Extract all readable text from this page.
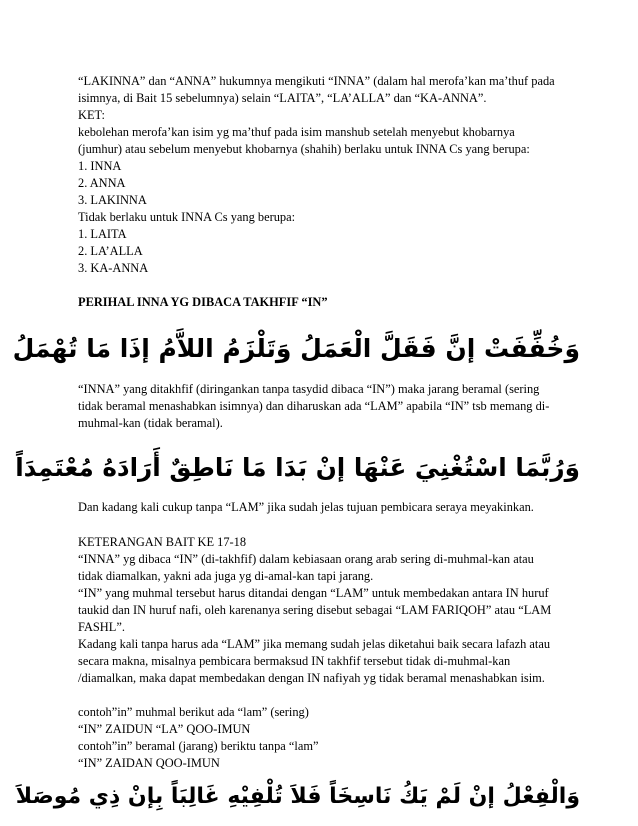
“LAKINNA” dan “ANNA” hukumnya mengikuti “INNA” (dalam hal merofa’kan ma’thuf pada
isimnya, di Bait 15 sebelumnya) selain “LAITA”, “LA’ALLA” dan “KA-ANNA”.
KET:
kebolehan merofa’kan isim yg ma’thuf pada isim manshub setelah menyebut khobarnya
(jumhur) atau sebelum menyebut khobarnya (shahih) berlaku untuk INNA Cs yang berupa:
1. INNA
2. ANNA
3. LAKINNA
Tidak berlaku untuk INNA Cs yang berupa:
1. LAITA
2. LA’ALLA
3. KA-ANNA
PERIHAL INNA YG DIBACA TAKHFIF “IN”
وَخُفِّفَتْ إنَّ فَقَلَّ الْعَمَلُ وَتَلْزَمُ اللاَّمُ إذَا مَا تُهْمَلُ
“INNA” yang ditakhfif (diringankan tanpa tasydid dibaca “IN”) maka jarang beramal (sering
tidak beramal menashabkan isimnya) dan diharuskan ada “LAM” apabila “IN” tsb memang di-
muhmal-kan (tidak beramal).
وَرُبَّمَا اسْتُغْنِيَ عَنْهَا إنْ بَدَا مَا نَاطِقٌ أَرَادَهُ مُعْتَمِدَاً
Dan kadang kali cukup tanpa “LAM” jika sudah jelas tujuan pembicara seraya meyakinkan.
KETERANGAN BAIT KE 17-18
“INNA” yg dibaca “IN” (di-takhfif) dalam kebiasaan orang arab sering di-muhmal-kan atau
tidak diamalkan, yakni ada juga yg di-amal-kan tapi jarang.
“IN” yang muhmal tersebut harus ditandai dengan “LAM” untuk membedakan antara IN huruf
taukid dan IN huruf nafi, oleh karenanya sering disebut sebagai “LAM FARIQOH” atau “LAM
FASHL”.
Kadang kali tanpa harus ada “LAM” jika memang sudah jelas diketahui baik secara lafazh atau
secara makna, misalnya pembicara bermaksud IN takhfif tersebut tidak di-muhmal-kan
/diamalkan, maka dapat membedakan dengan IN nafiyah yg tidak beramal menashabkan isim.
contoh”in” muhmal berikut ada “lam” (sering)
“IN” ZAIDUN “LA” QOO-IMUN
contoh”in” beramal (jarang) beriktu tanpa “lam”
“IN” ZAIDAN QOO-IMUN
وَالْفِعْلُ إنْ لَمْ يَكُ نَاسِخَاً فَلاَ تُلْفِيْهِ غَالِبَاً بِإنْ ذِي مُوصَلاَ
